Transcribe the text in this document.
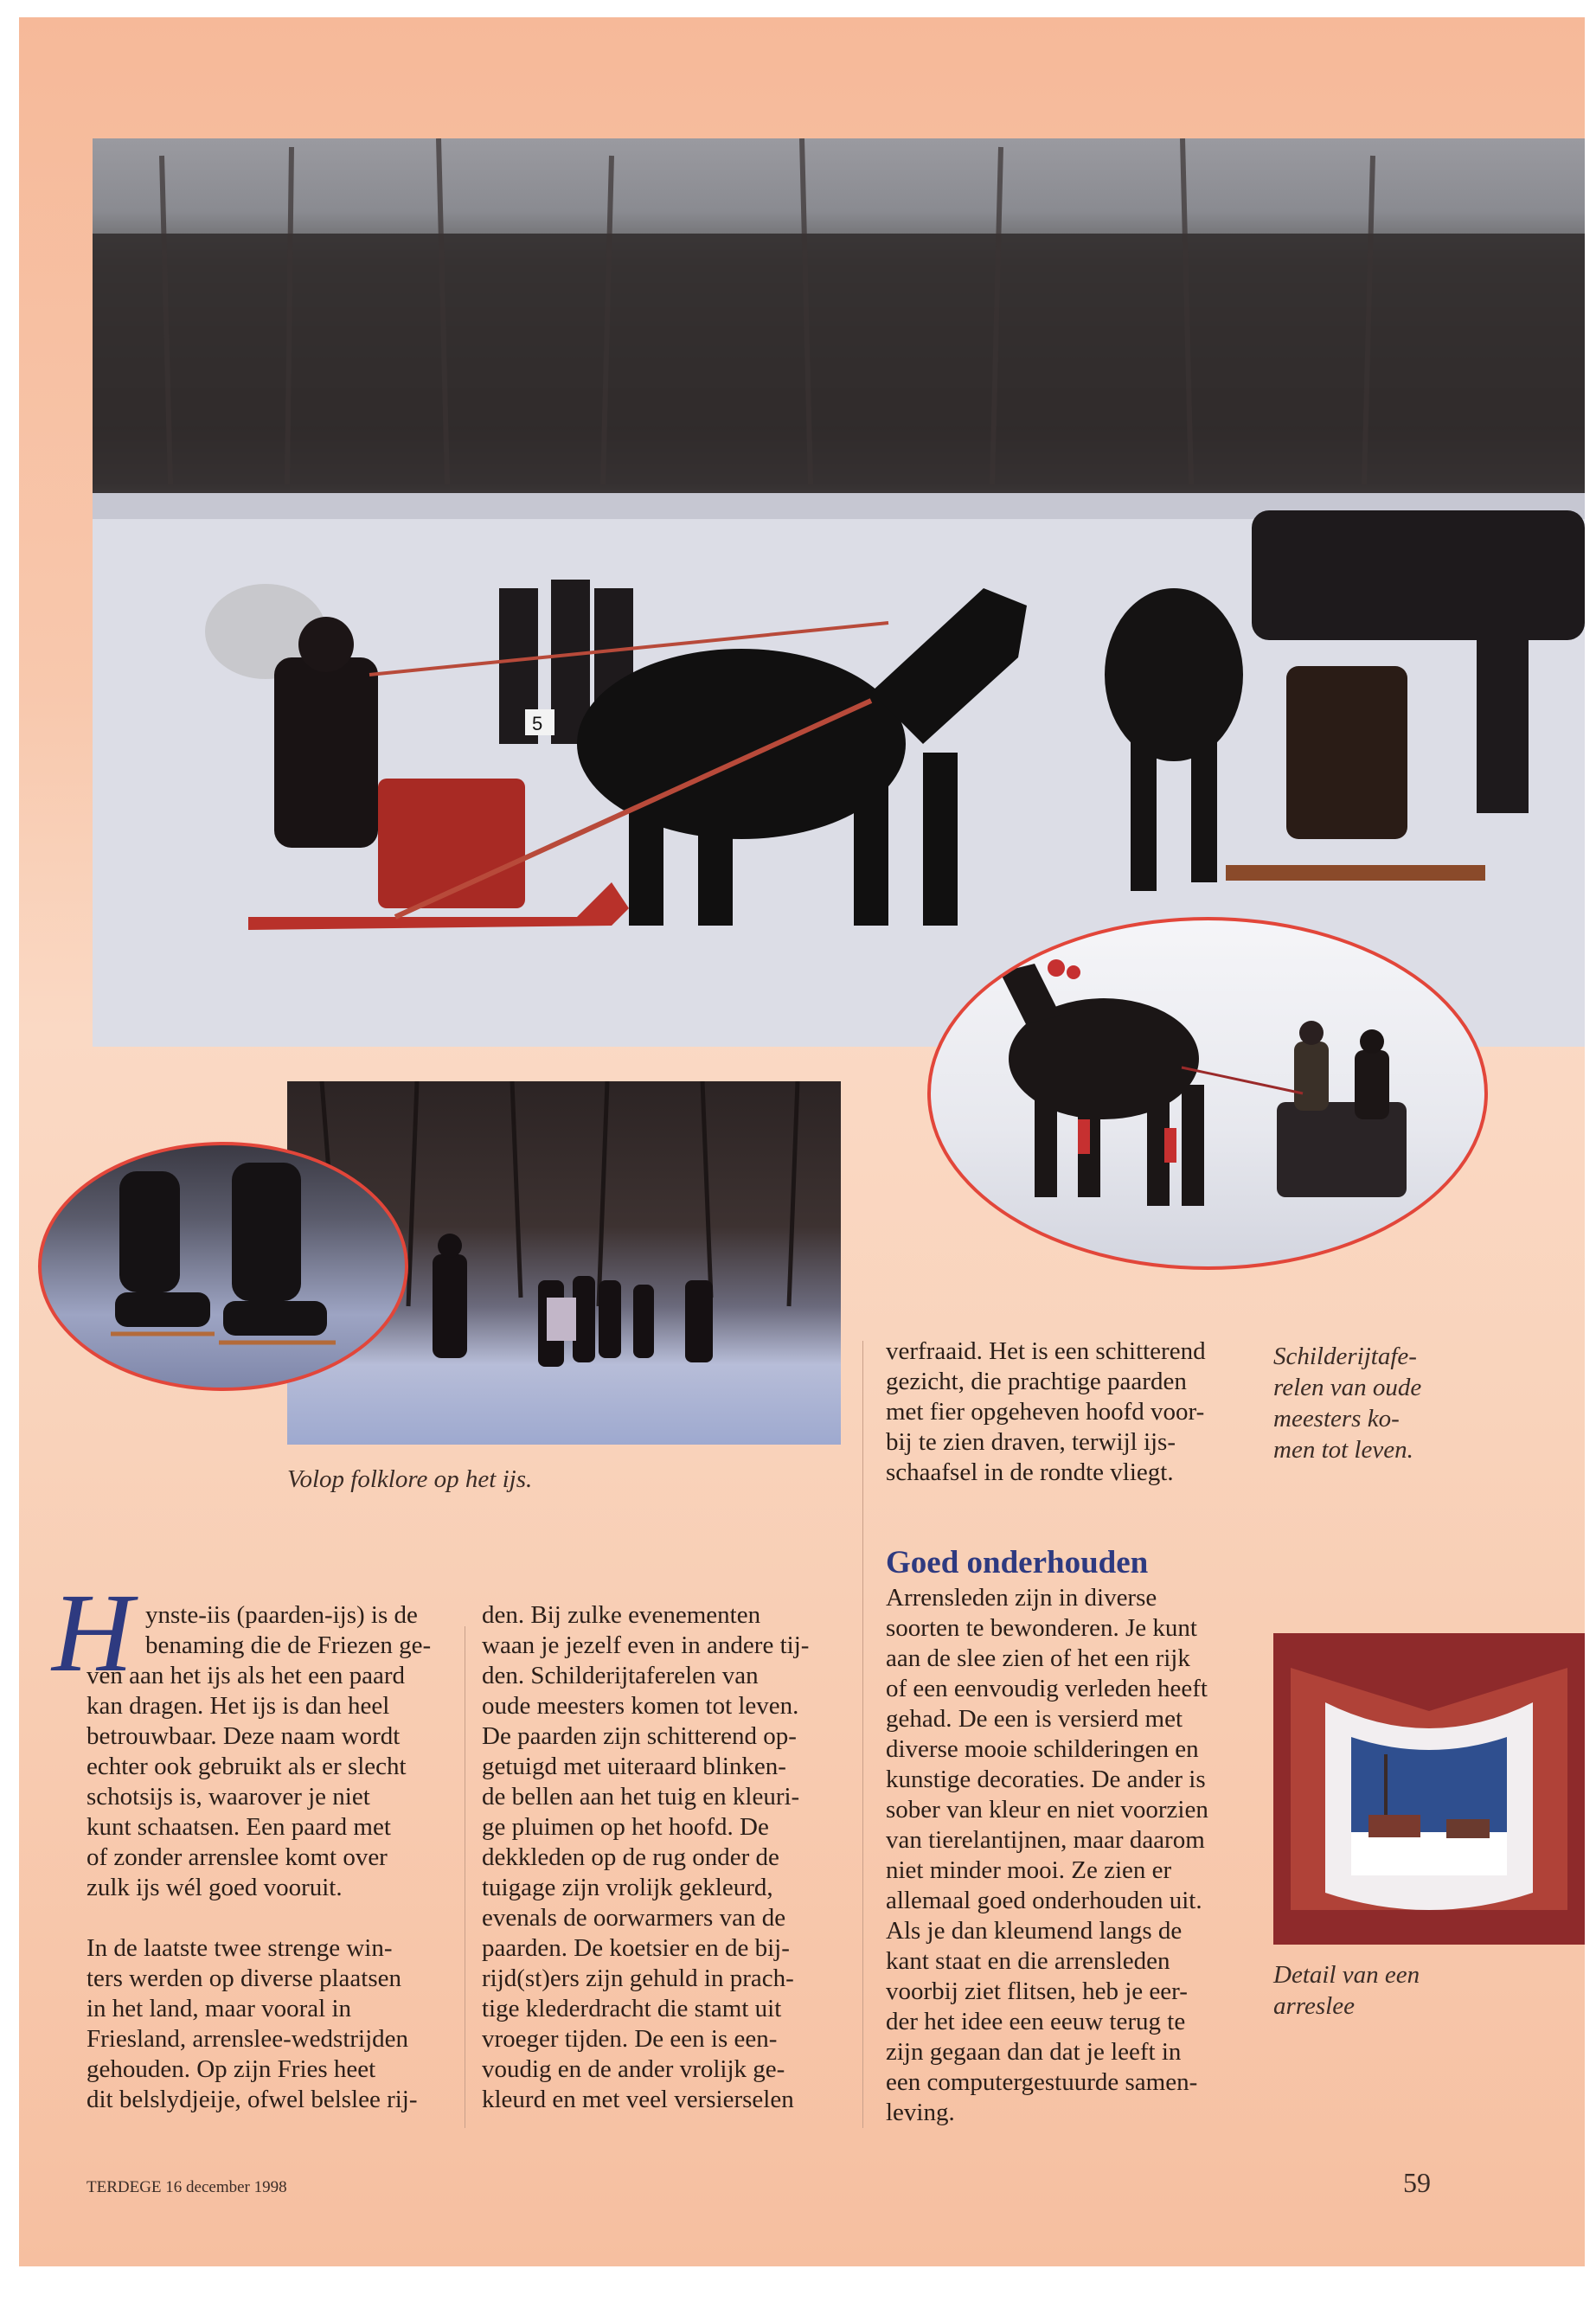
5
Volop folklore op het ijs.
Schilderijtafe-
relen van oude
meesters ko-
men tot leven.
Detail van een
arreslee
H ynste-iis (paarden-ijs) is de
benaming die de Friezen ge-
ven aan het ijs als het een paard
kan dragen. Het ijs is dan heel
betrouwbaar. Deze naam wordt
echter ook gebruikt als er slecht
schotsijs is, waarover je niet
kunt schaatsen. Een paard met
of zonder arrenslee komt over
zulk ijs wél goed vooruit.
In de laatste twee strenge win-
ters werden op diverse plaatsen
in het land, maar vooral in
Friesland, arrenslee-wedstrijden
gehouden. Op zijn Fries heet
dit belslydjeije, ofwel belslee rij-
den. Bij zulke evenementen
waan je jezelf even in andere tij-
den. Schilderijtaferelen van
oude meesters komen tot leven.
De paarden zijn schitterend op-
getuigd met uiteraard blinken-
de bellen aan het tuig en kleuri-
ge pluimen op het hoofd. De
dekkleden op de rug onder de
tuigage zijn vrolijk gekleurd,
evenals de oorwarmers van de
paarden. De koetsier en de bij-
rijd(st)ers zijn gehuld in prach-
tige klederdracht die stamt uit
vroeger tijden. De een is een-
voudig en de ander vrolijk ge-
kleurd en met veel versierselen
verfraaid. Het is een schitterend
gezicht, die prachtige paarden
met fier opgeheven hoofd voor-
bij te zien draven, terwijl ijs-
schaafsel in de rondte vliegt.
Goed onderhouden
Arrensleden zijn in diverse
soorten te bewonderen. Je kunt
aan de slee zien of het een rijk
of een eenvoudig verleden heeft
gehad. De een is versierd met
diverse mooie schilderingen en
kunstige decoraties. De ander is
sober van kleur en niet voorzien
van tierelantijnen, maar daarom
niet minder mooi. Ze zien er
allemaal goed onderhouden uit.
Als je dan kleumend langs de
kant staat en die arrensleden
voorbij ziet flitsen, heb je eer-
der het idee een eeuw terug te
zijn gegaan dan dat je leeft in
een computergestuurde samen-
leving.
TERDEGE 16 december 1998	59
